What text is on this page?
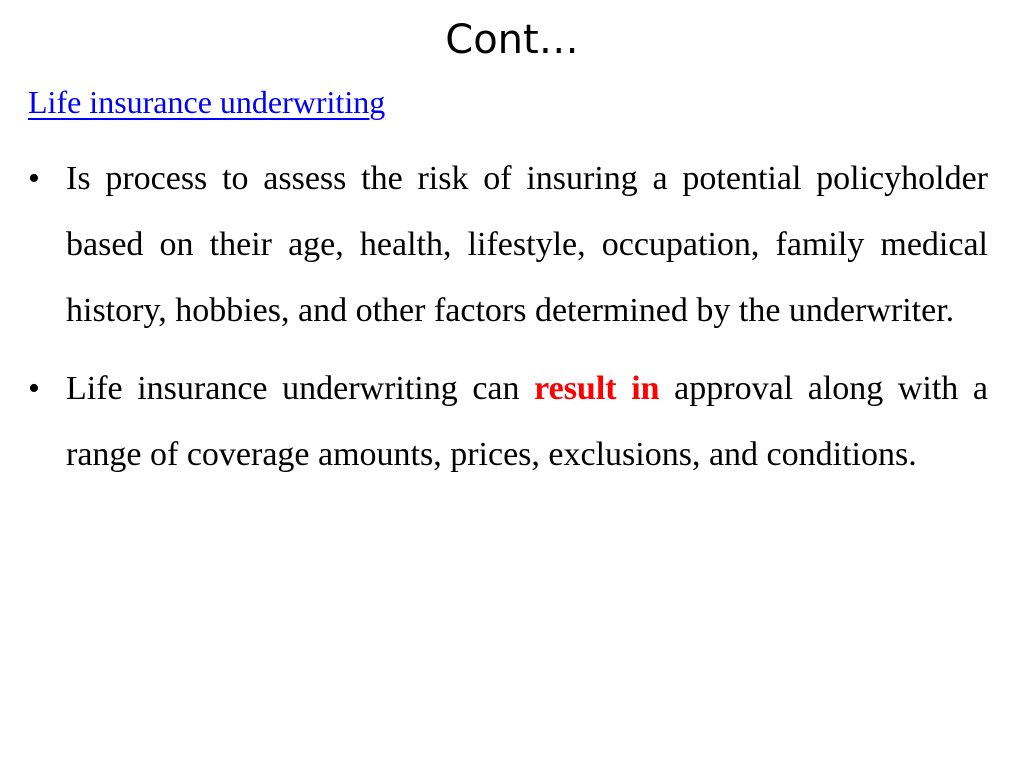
Cont…
Life insurance underwriting
• Is process to assess the risk of insuring a potential policyholder based on their age, health, lifestyle, occupation, family medical history, hobbies, and other factors determined by the underwriter.
• Life insurance underwriting can result in approval along with a range of coverage amounts, prices, exclusions, and conditions.
